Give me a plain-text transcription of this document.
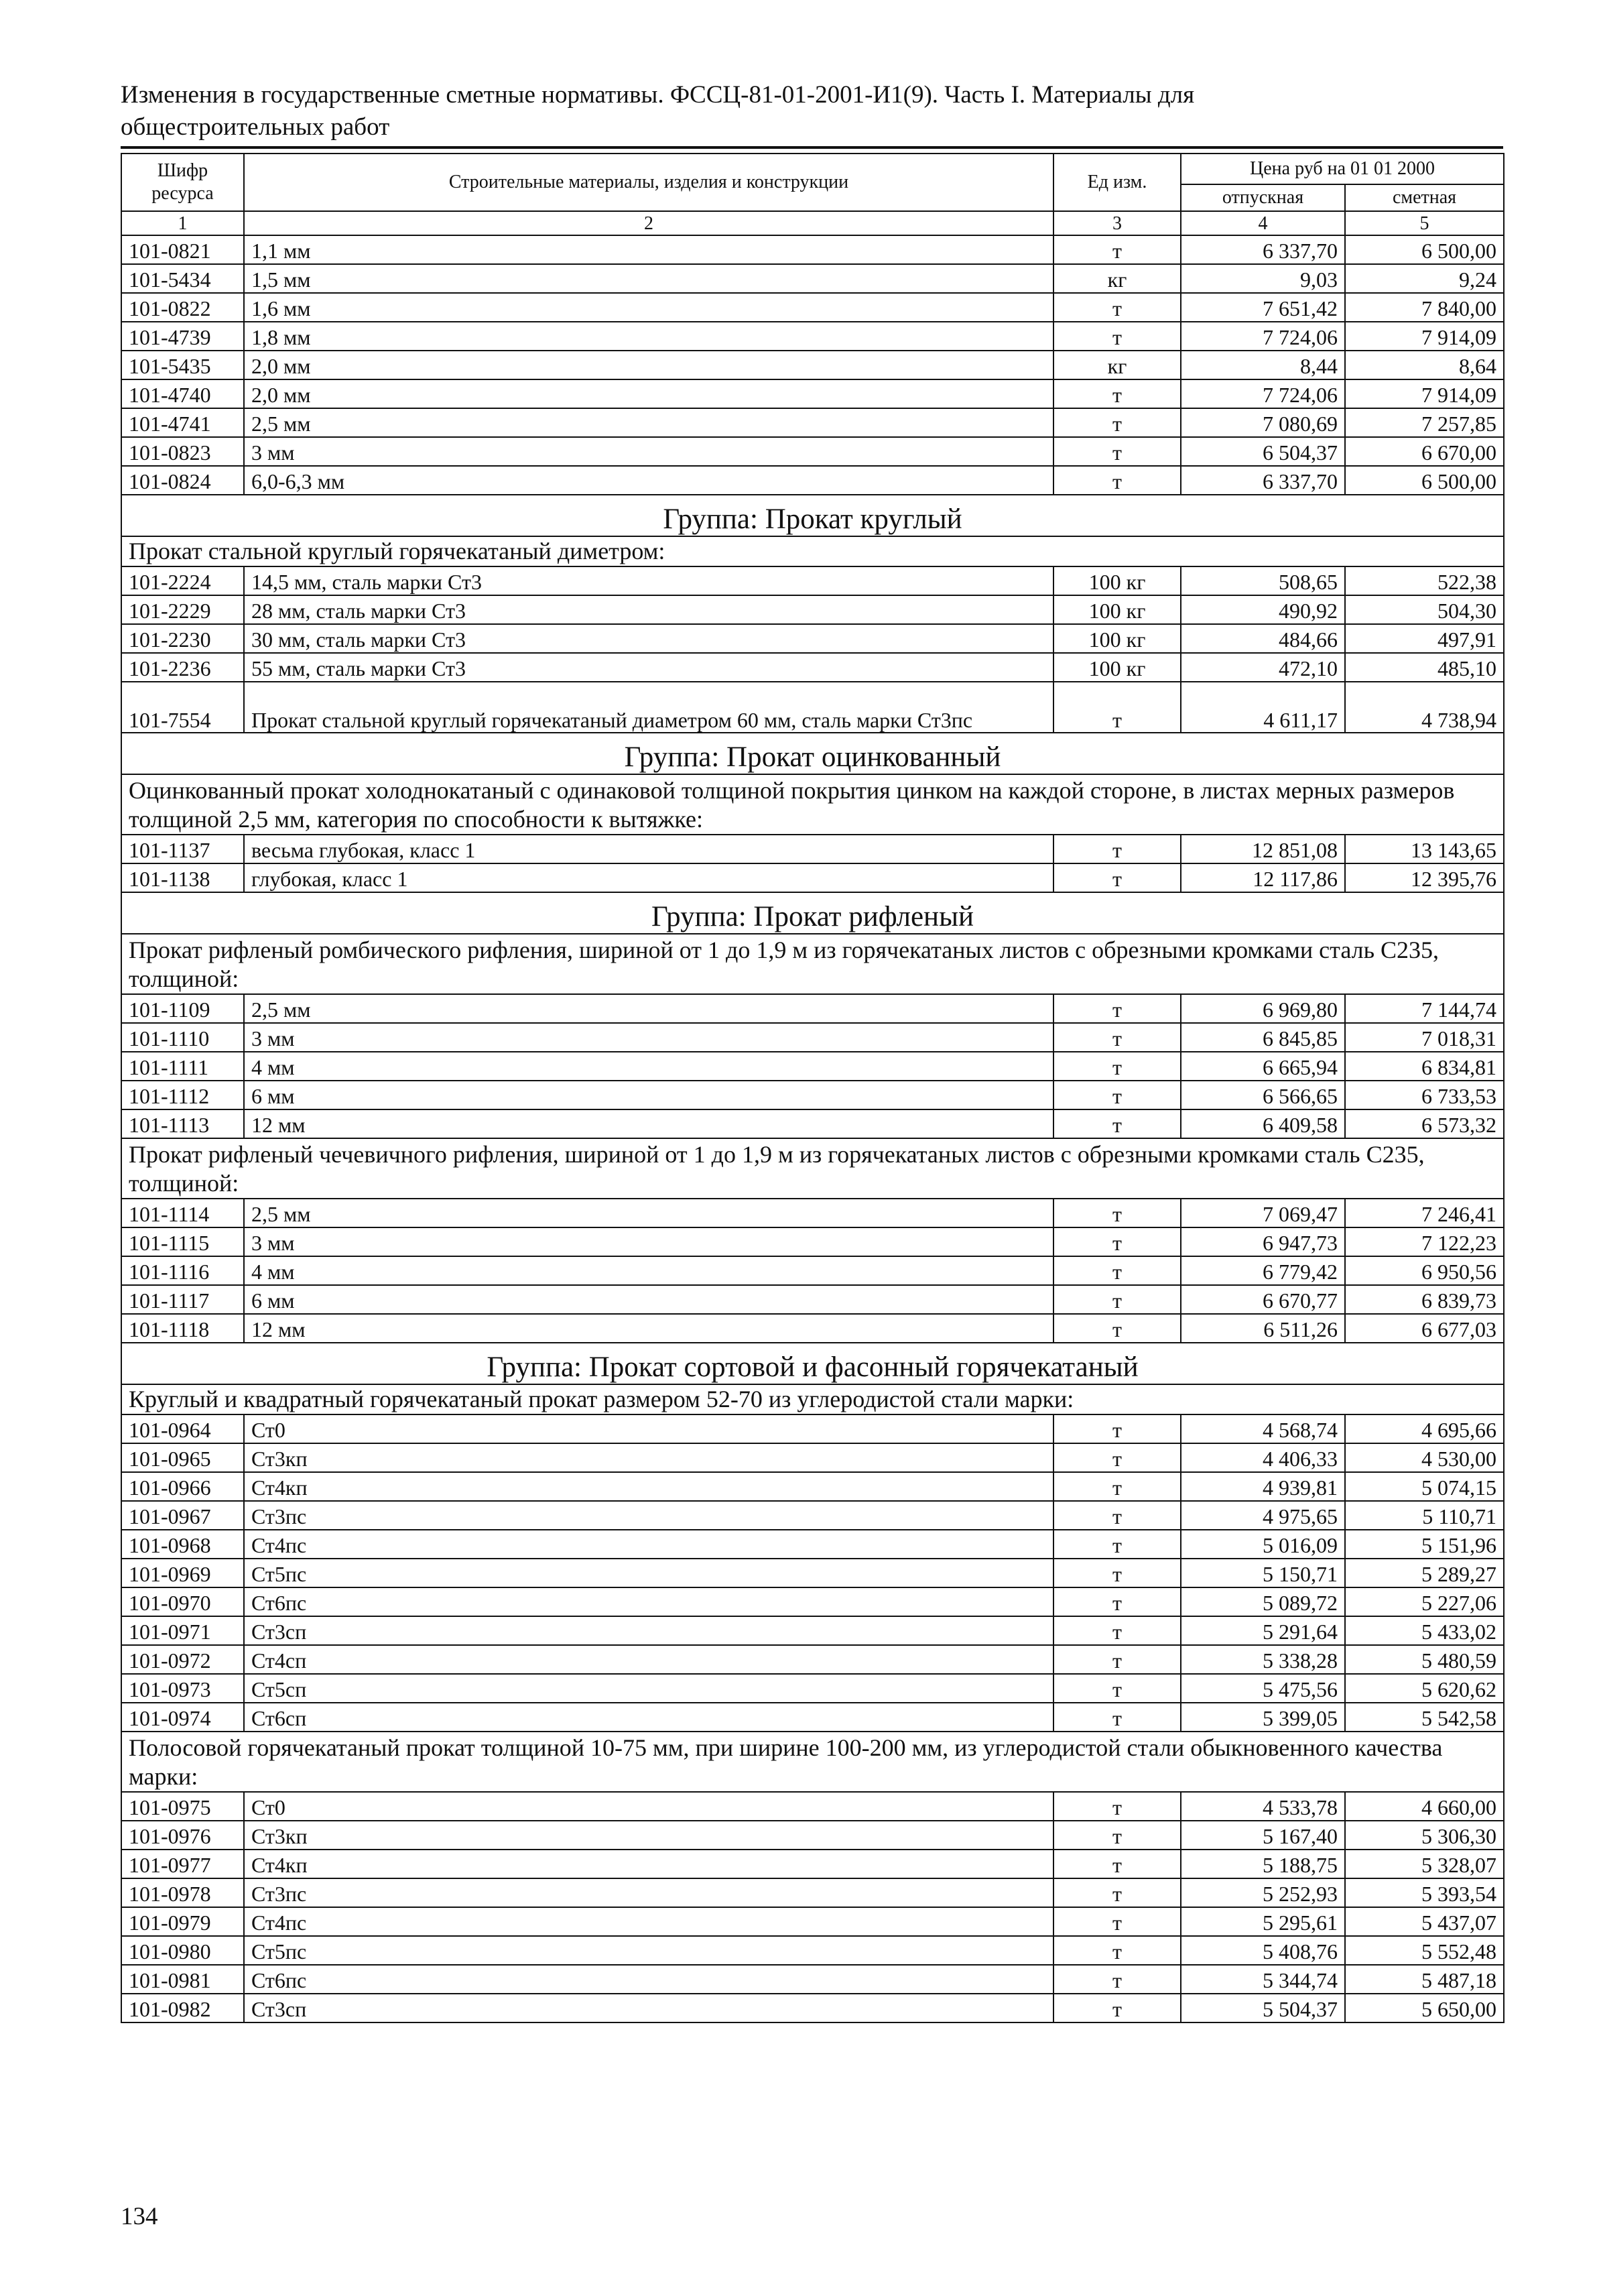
Изменения в государственные сметные нормативы. ФССЦ-81-01-2001-И1(9). Часть I. Материалы для
общестроительных работ
Шифр ресурса	Строительные материалы, изделия и конструкции	Ед изм.	Цена руб на 01 01 2000	
			отпускная	сметная
1	2	3	4	5
101-0821	1,1 мм	т	6 337,70	6 500,00
101-5434	1,5 мм	кг	9,03	9,24
101-0822	1,6 мм	т	7 651,42	7 840,00
101-4739	1,8 мм	т	7 724,06	7 914,09
101-5435	2,0 мм	кг	8,44	8,64
101-4740	2,0 мм	т	7 724,06	7 914,09
101-4741	2,5 мм	т	7 080,69	7 257,85
101-0823	3 мм	т	6 504,37	6 670,00
101-0824	6,0-6,3 мм	т	6 337,70	6 500,00
Группа: Прокат круглый				
Прокат стальной круглый горячекатаный диметром:				
101-2224	14,5 мм, сталь марки Ст3	100 кг	508,65	522,38
101-2229	28 мм, сталь марки Ст3	100 кг	490,92	504,30
101-2230	30 мм, сталь марки Ст3	100 кг	484,66	497,91
101-2236	55 мм, сталь марки Ст3	100 кг	472,10	485,10
101-7554	Прокат стальной круглый горячекатаный диаметром 60 мм, сталь марки Ст3пс	т	4 611,17	4 738,94
Группа: Прокат оцинкованный				
Оцинкованный прокат холоднокатаный с одинаковой толщиной покрытия цинком на каждой стороне, в листах мерных размеров толщиной 2,5 мм, категория по способности к вытяжке:				
101-1137	весьма глубокая, класс 1	т	12 851,08	13 143,65
101-1138	глубокая, класс 1	т	12 117,86	12 395,76
Группа: Прокат рифленый				
Прокат рифленый ромбического рифления, шириной от 1 до 1,9 м из горячекатаных листов с обрезными кромками сталь С235, толщиной:				
101-1109	2,5 мм	т	6 969,80	7 144,74
101-1110	3 мм	т	6 845,85	7 018,31
101-1111	4 мм	т	6 665,94	6 834,81
101-1112	6 мм	т	6 566,65	6 733,53
101-1113	12 мм	т	6 409,58	6 573,32
Прокат рифленый чечевичного рифления, шириной от 1 до 1,9 м из горячекатаных листов с обрезными кромками сталь С235, толщиной:				
101-1114	2,5 мм	т	7 069,47	7 246,41
101-1115	3 мм	т	6 947,73	7 122,23
101-1116	4 мм	т	6 779,42	6 950,56
101-1117	6 мм	т	6 670,77	6 839,73
101-1118	12 мм	т	6 511,26	6 677,03
Группа: Прокат сортовой и фасонный горячекатаный				
Круглый и квадратный горячекатаный прокат размером 52-70 из углеродистой стали марки:				
101-0964	Ст0	т	4 568,74	4 695,66
101-0965	Ст3кп	т	4 406,33	4 530,00
101-0966	Ст4кп	т	4 939,81	5 074,15
101-0967	Ст3пс	т	4 975,65	5 110,71
101-0968	Ст4пс	т	5 016,09	5 151,96
101-0969	Ст5пс	т	5 150,71	5 289,27
101-0970	Ст6пс	т	5 089,72	5 227,06
101-0971	Ст3сп	т	5 291,64	5 433,02
101-0972	Ст4сп	т	5 338,28	5 480,59
101-0973	Ст5сп	т	5 475,56	5 620,62
101-0974	Ст6сп	т	5 399,05	5 542,58
Полосовой горячекатаный прокат толщиной 10-75 мм, при ширине 100-200 мм, из углеродистой стали обыкновенного качества марки:				
101-0975	Ст0	т	4 533,78	4 660,00
101-0976	Ст3кп	т	5 167,40	5 306,30
101-0977	Ст4кп	т	5 188,75	5 328,07
101-0978	Ст3пс	т	5 252,93	5 393,54
101-0979	Ст4пс	т	5 295,61	5 437,07
101-0980	Ст5пс	т	5 408,76	5 552,48
101-0981	Ст6пс	т	5 344,74	5 487,18
101-0982	Ст3сп	т	5 504,37	5 650,00
134
